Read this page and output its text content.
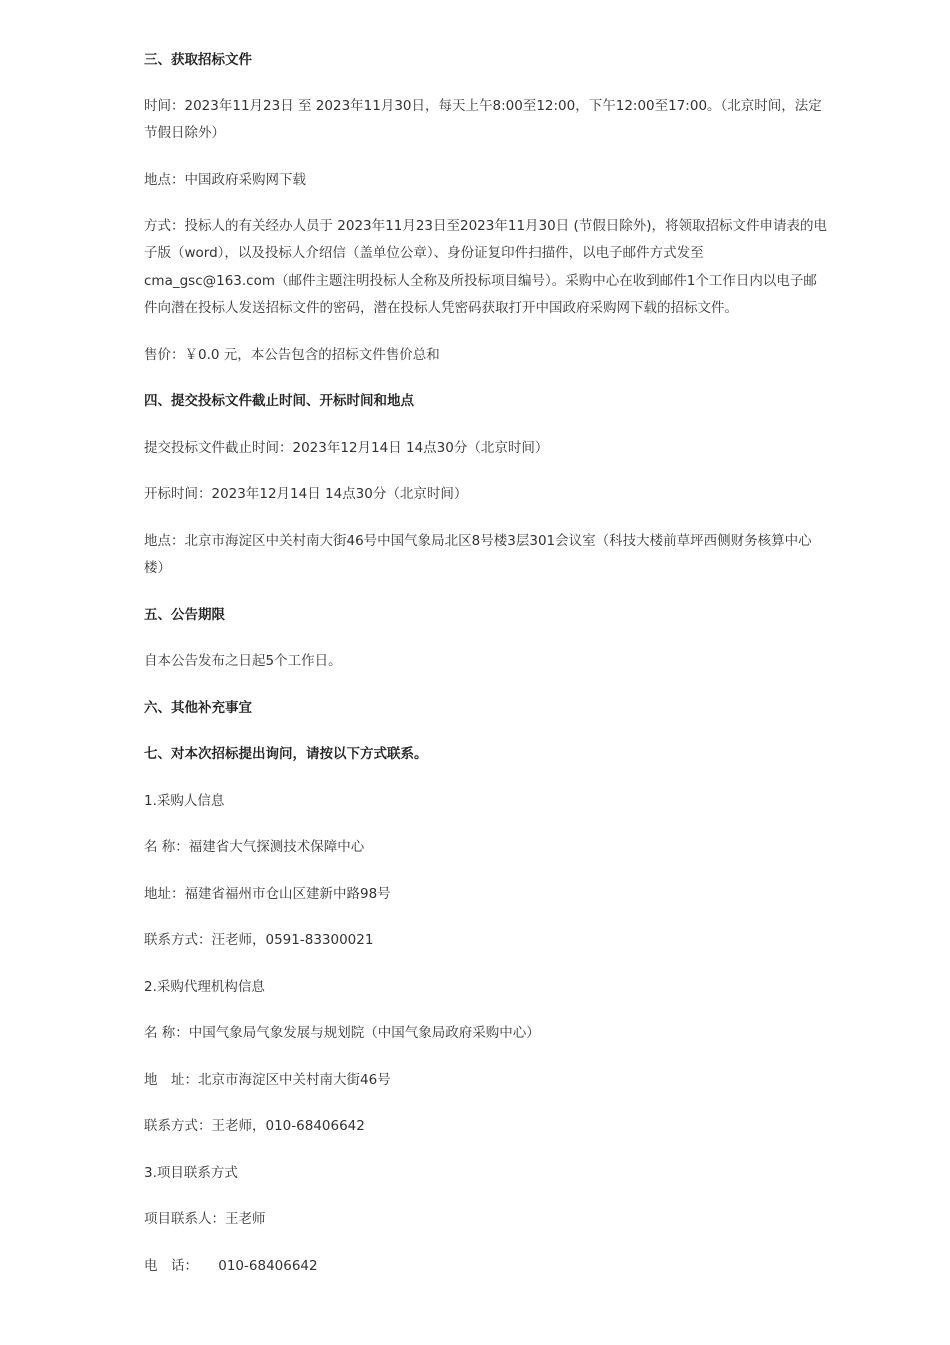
三、获取招标文件
时间：2023年11月23日 至 2023年11月30日，每天上午8:00至12:00，下午12:00至17:00。（北京时间，法定
节假日除外）
地点：中国政府采购网下载
方式：投标人的有关经办人员于 2023年11月23日至2023年11月30日 (节假日除外)，将领取招标文件申请表的电
子版（word），以及投标人介绍信（盖单位公章）、身份证复印件扫描件，以电子邮件方式发至
cma_gsc@163.com（邮件主题注明投标人全称及所投标项目编号）。采购中心在收到邮件1个工作日内以电子邮
件向潜在投标人发送招标文件的密码，潜在投标人凭密码获取打开中国政府采购网下载的招标文件。
售价：￥0.0 元，本公告包含的招标文件售价总和
四、提交投标文件截止时间、开标时间和地点
提交投标文件截止时间：2023年12月14日 14点30分（北京时间）
开标时间：2023年12月14日 14点30分（北京时间）
地点：北京市海淀区中关村南大街46号中国气象局北区8号楼3层301会议室（科技大楼前草坪西侧财务核算中心
楼）
五、公告期限
自本公告发布之日起5个工作日。
六、其他补充事宜
七、对本次招标提出询问，请按以下方式联系。
1.采购人信息
名 称：福建省大气探测技术保障中心
地址：福建省福州市仓山区建新中路98号
联系方式：汪老师，0591-83300021
2.采购代理机构信息
名 称：中国气象局气象发展与规划院（中国气象局政府采购中心）
地　址：北京市海淀区中关村南大街46号
联系方式：王老师，010-68406642
3.项目联系方式
项目联系人：王老师
电　话：　　010-68406642
